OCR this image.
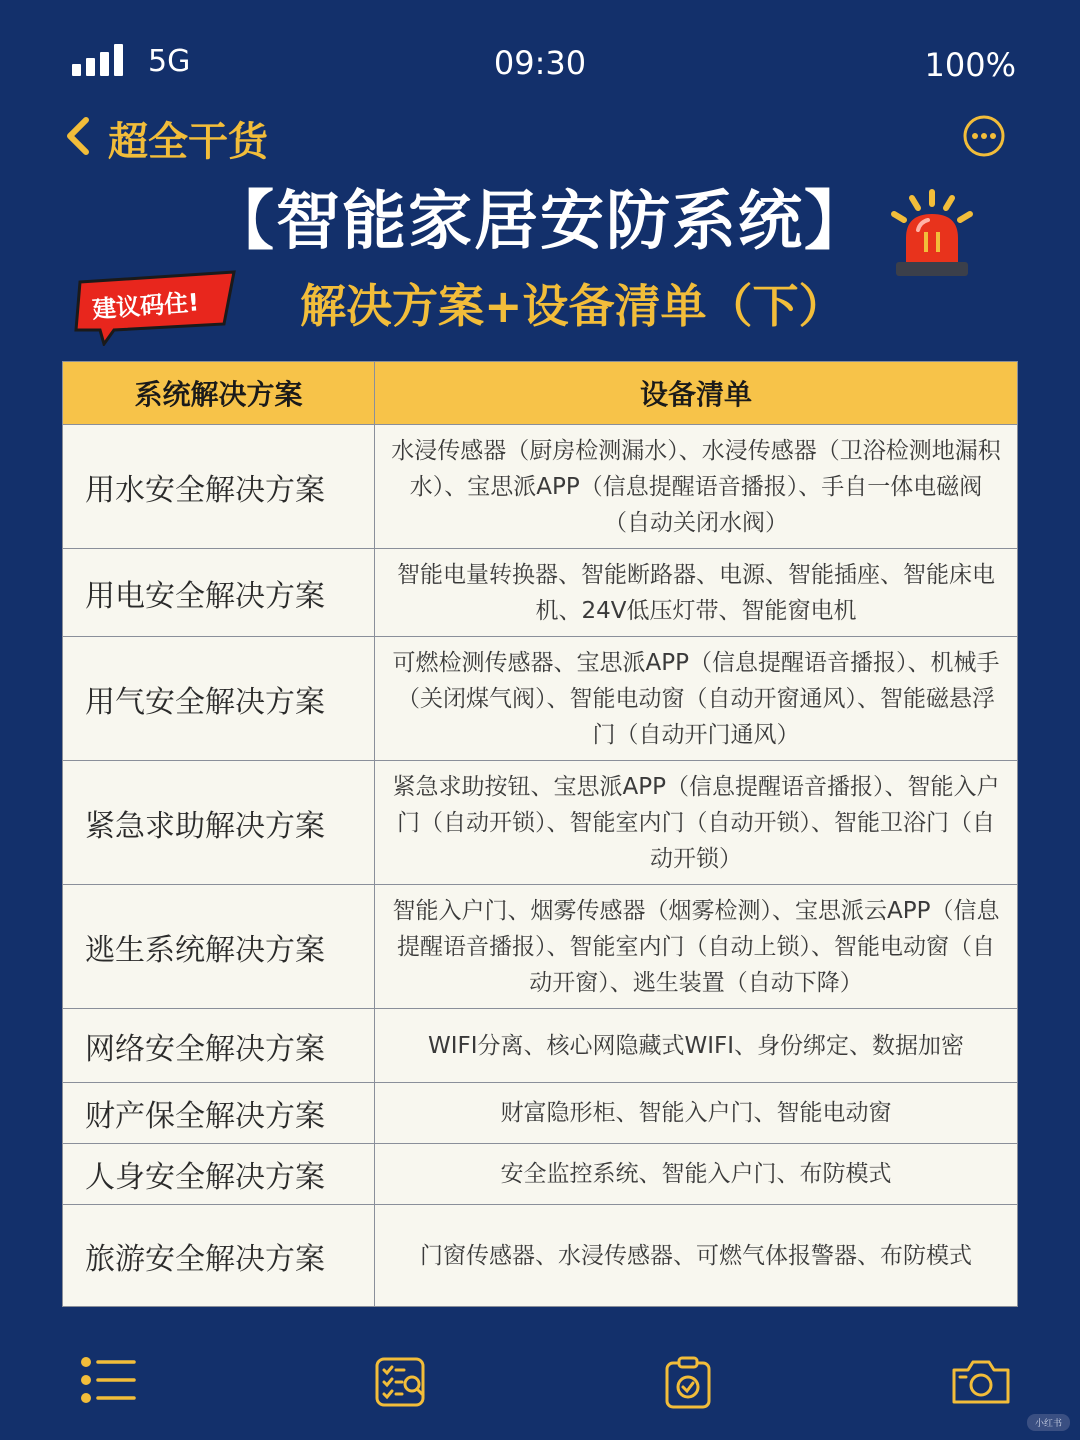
5G	09:30	100%
超全干货
【智能家居安防系统】
建议码住! 解决方案+设备清单（下）
系统解决方案	设备清单
用水安全解决方案	水浸传感器（厨房检测漏水）、水浸传感器（卫浴检测地漏积水）、宝思派APP（信息提醒语音播报）、手自一体电磁阀（自动关闭水阀）
用电安全解决方案	智能电量转换器、智能断路器、电源、智能插座、智能床电机、24V低压灯带、智能窗电机
用气安全解决方案	可燃检测传感器、宝思派APP（信息提醒语音播报）、机械手（关闭煤气阀）、智能电动窗（自动开窗通风）、智能磁悬浮门（自动开门通风）
紧急求助解决方案	紧急求助按钮、宝思派APP（信息提醒语音播报）、智能入户门（自动开锁）、智能室内门（自动开锁）、智能卫浴门（自动开锁）
逃生系统解决方案	智能入户门、烟雾传感器（烟雾检测）、宝思派云APP（信息提醒语音播报）、智能室内门（自动上锁）、智能电动窗（自动开窗）、逃生装置（自动下降）
网络安全解决方案	WIFI分离、核心网隐藏式WIFI、身份绑定、数据加密
财产保全解决方案	财富隐形柜、智能入户门、智能电动窗
人身安全解决方案	安全监控系统、智能入户门、布防模式
旅游安全解决方案	门窗传感器、水浸传感器、可燃气体报警器、布防模式
小红书
